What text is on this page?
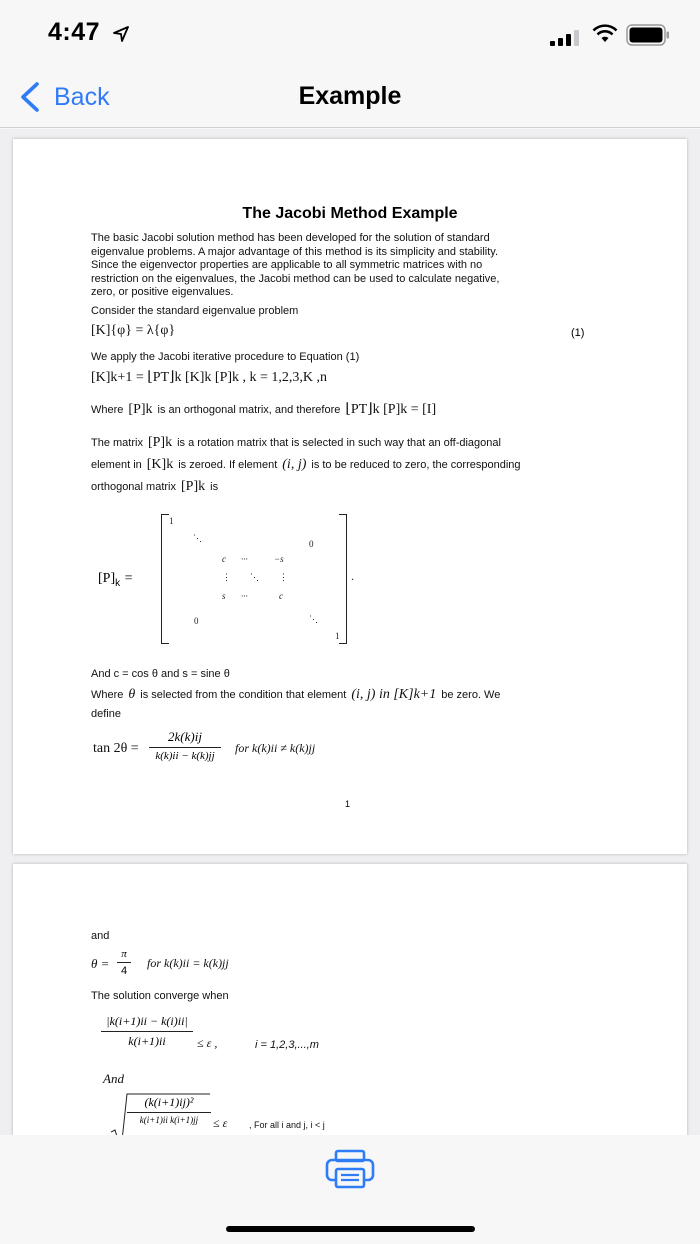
4:47
Back	Example
The Jacobi Method Example
The basic Jacobi solution method has been developed for the solution of standard
eigenvalue problems. A major advantage of this method is its simplicity and stability.
Since the eigenvector properties are applicable to all symmetric matrices with no
restriction on the eigenvalues, the Jacobi method can be used to calculate negative,
zero, or positive eigenvalues.
Consider the standard eigenvalue problem
[K]{φ} = λ{φ}	(1)
We apply the Jacobi iterative procedure to Equation (1)
[K]k+1 = ⌊PT⌋k [K]k [P]k , k = 1,2,3,K ,n
Where [P]k is an orthogonal matrix, and therefore ⌊PT⌋k [P]k = [I]
The matrix [P]k is a rotation matrix that is selected in such way that an off-diagonal
element in [K]k is zeroed. If element (i, j) is to be reduced to zero, the corresponding
orthogonal matrix [P]k is
$[P]_k$ =
1
⋱
0
c ···	−s
⋮ ⋱ ⋮
s ···	c
0	⋱
1
.
And c = cos θ and s = sine θ
Where θ is selected from the condition that element (i, j) in [K]k+1 be zero. We
define
tan 2θ =
2k(k)ij
k(k)ii − k(k)jj
for k(k)ii ≠ k(k)jj
1
and
θ =
π
4
for k(k)ii = k(k)jj
The solution converge when
|k(i+1)ii − k(i)ii|
k(i+1)ii	≤ ε ,	i = 1,2,3,...,m
And
(k(i+1)ij)²
k(i+1)ii k(i+1)jj ≤ ε	, For all i and j, i < j
